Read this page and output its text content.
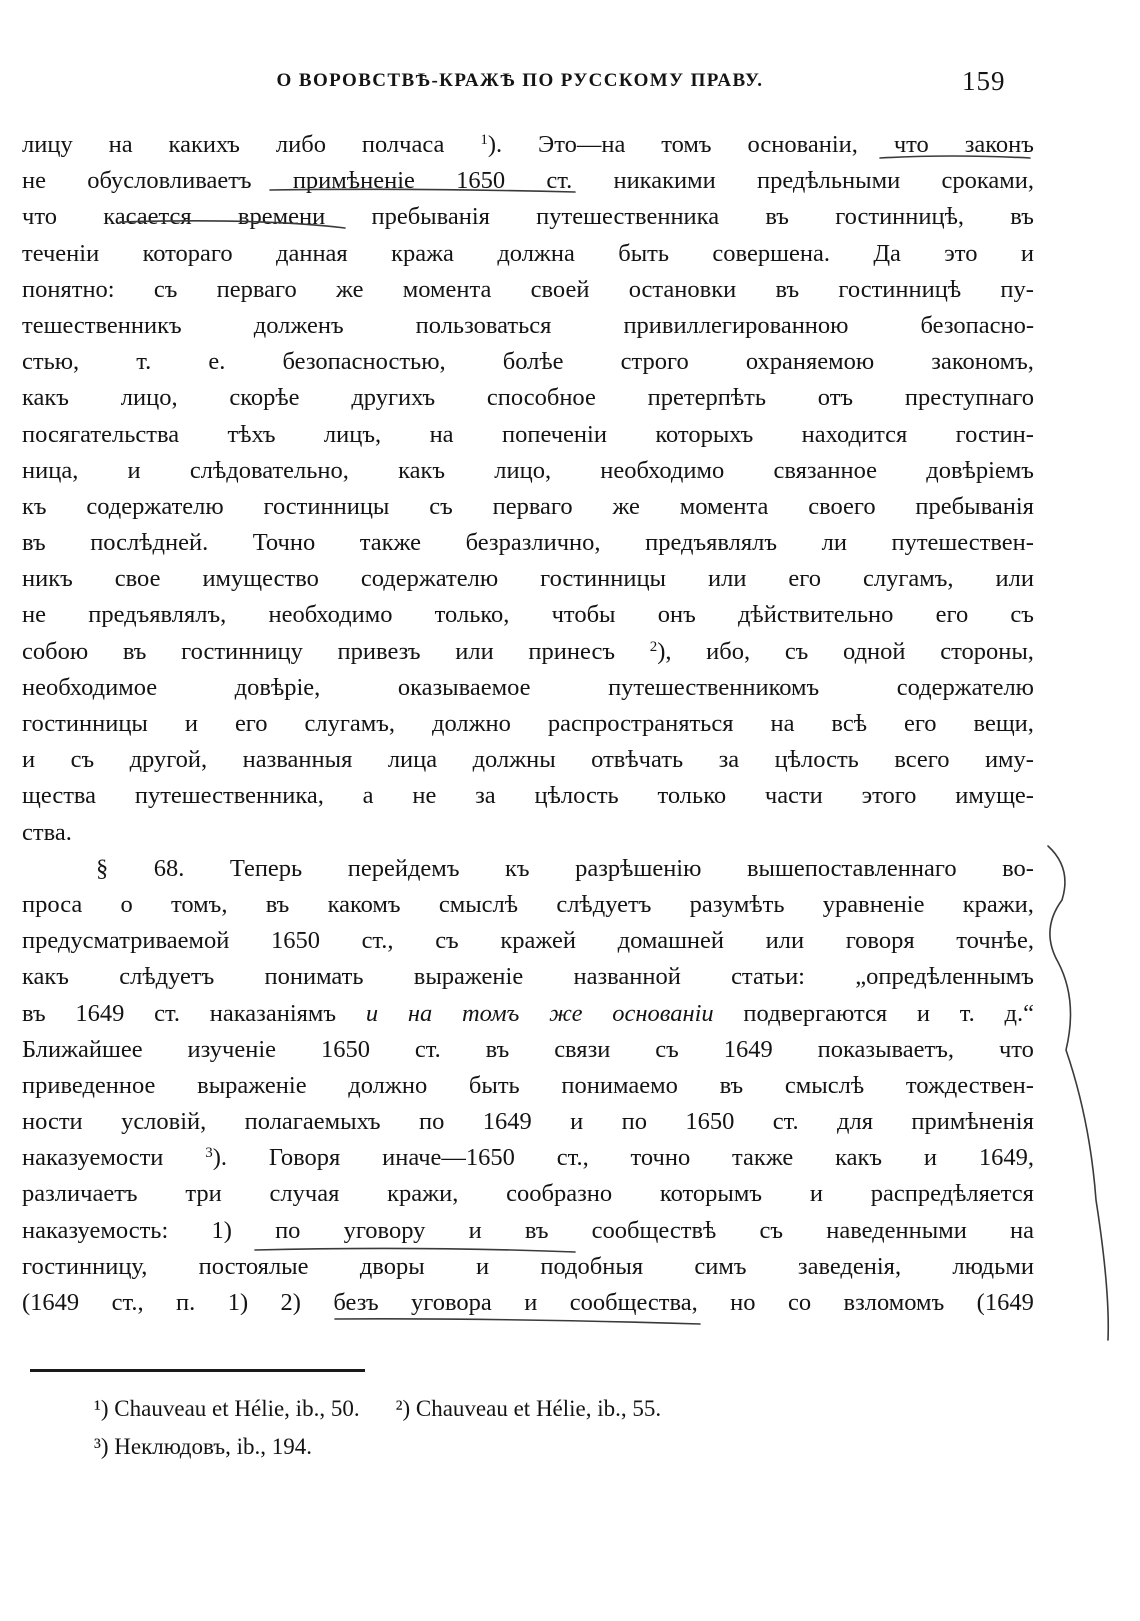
О ВОРОВСТВѢ-КРАЖѢ ПО РУССКОМУ ПРАВУ.	159
лицу на какихъ либо полчаса $^1$). Это—на томъ основаніи, что законъ
не обусловливаетъ примѣненіе 1650 ст. никакими предѣльными сроками,
что касается времени пребыванія путешественника въ гостинницѣ, въ
теченіи котораго данная кража должна быть совершена. Да это и
понятно: съ перваго же момента своей остановки въ гостинницѣ пу-
тешественникъ	долженъ	пользоваться	привиллегированною	безопасно-
стью, т. е. безопасностью, болѣе строго охраняемою закономъ,
какъ лицо, скорѣе другихъ способное претерпѣть отъ преступнаго
посягательства тѣхъ лицъ, на попеченіи которыхъ находится гостин-
ница, и слѣдовательно, какъ лицо, необходимо связанное довѣріемъ
къ содержателю гостинницы съ перваго же момента своего пребыванія
въ послѣдней. Точно также безразлично, предъявлялъ ли путешествен-
никъ свое имущество содержателю гостинницы или его слугамъ, или
не предъявлялъ, необходимо только, чтобы онъ дѣйствительно его съ
собою въ гостинницу привезъ или принесъ $^2$), ибо, съ одной стороны,
необходимое	довѣріе,	оказываемое	путешественникомъ	содержателю
гостинницы и его слугамъ, должно распространяться на всѣ его вещи,
и съ другой, названныя лица должны отвѣчать за цѣлость всего иму-
щества путешественника, а не за цѣлость только части этого имуще-
ства.
§ 68. Теперь перейдемъ къ разрѣшенію вышепоставленнаго во-
проса о томъ, въ какомъ смыслѣ слѣдуетъ разумѣть уравненіе кражи,
предусматриваемой 1650 ст., съ кражей домашней или говоря точнѣе,
какъ слѣдуетъ понимать выраженіе названной статьи: „опредѣленнымъ
въ 1649 ст. наказаніямъ и на томъ же основаніи подвергаются и т. д.“
Ближайшее изученіе 1650 ст. въ связи съ 1649 показываетъ, что
приведенное выраженіе должно быть понимаемо въ смыслѣ тождествен-
ности условій, полагаемыхъ по 1649 и по 1650 ст. для примѣненія
наказуемости	$^3$). Говоря иначе—1650 ст., точно также какъ и 1649,
различаетъ три случая кражи, сообразно которымъ и распредѣляется
наказуемость: 1) по уговору и въ сообществѣ съ наведенными на
гостинницу, постоялые дворы и подобныя симъ заведенія, людьми
(1649 ст., п. 1) 2) безъ уговора и сообщества, но со взломомъ (1649
¹) Chauveau et Hélie, ib., 50. ²) Chauveau et Hélie, ib., 55.
³) Неклюдовъ, ib., 194.
